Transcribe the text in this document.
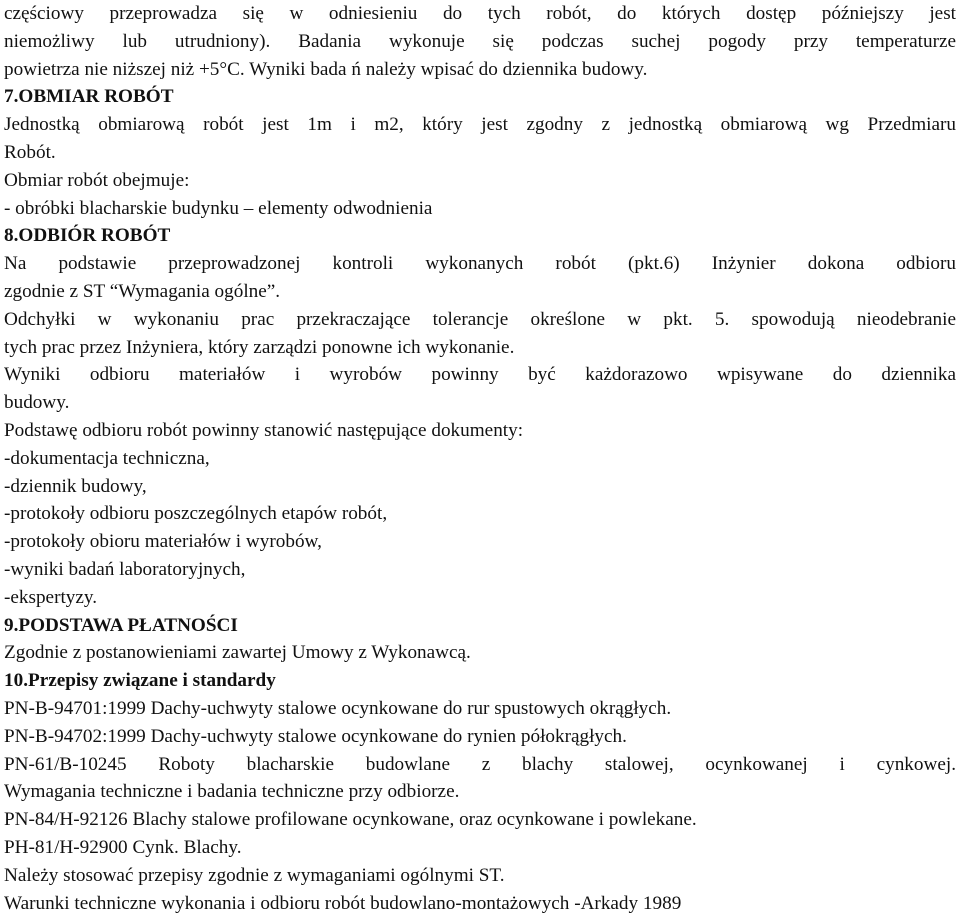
częściowy przeprowadza się w odniesieniu do tych robót, do których dostęp późniejszy jest
niemożliwy lub utrudniony). Badania wykonuje się podczas suchej pogody przy temperaturze
powietrza nie niższej niż +5°C. Wyniki bada ń należy wpisać do dziennika budowy.
7.OBMIAR ROBÓT
Jednostką obmiarową robót jest 1m i m2, który jest zgodny z jednostką obmiarową wg Przedmiaru
Robót.
Obmiar robót obejmuje:
- obróbki blacharskie budynku – elementy odwodnienia
8.ODBIÓR ROBÓT
Na podstawie przeprowadzonej kontroli wykonanych robót (pkt.6) Inżynier dokona odbioru
zgodnie z ST “Wymagania ogólne”.
Odchyłki w wykonaniu prac przekraczające tolerancje określone w pkt. 5. spowodują nieodebranie
tych prac przez Inżyniera, który zarządzi ponowne ich wykonanie.
Wyniki odbioru materiałów i wyrobów powinny być każdorazowo wpisywane do dziennika
budowy.
Podstawę odbioru robót powinny stanowić następujące dokumenty:
-dokumentacja techniczna,
-dziennik budowy,
-protokoły odbioru poszczególnych etapów robót,
-protokoły obioru materiałów i wyrobów,
-wyniki badań laboratoryjnych,
-ekspertyzy.
9.PODSTAWA PŁATNOŚCI
Zgodnie z postanowieniami zawartej Umowy z Wykonawcą.
10.Przepisy związane i standardy
PN-B-94701:1999 Dachy-uchwyty stalowe ocynkowane do rur spustowych okrągłych.
PN-B-94702:1999 Dachy-uchwyty stalowe ocynkowane do rynien półokrągłych.
PN-61/B-10245 Roboty blacharskie budowlane z blachy stalowej, ocynkowanej i cynkowej.
Wymagania techniczne i badania techniczne przy odbiorze.
PN-84/H-92126 Blachy stalowe profilowane ocynkowane, oraz ocynkowane i powlekane.
PH-81/H-92900 Cynk. Blachy.
Należy stosować przepisy zgodnie z wymaganiami ogólnymi ST.
Warunki techniczne wykonania i odbioru robót budowlano-montażowych -Arkady 1989
